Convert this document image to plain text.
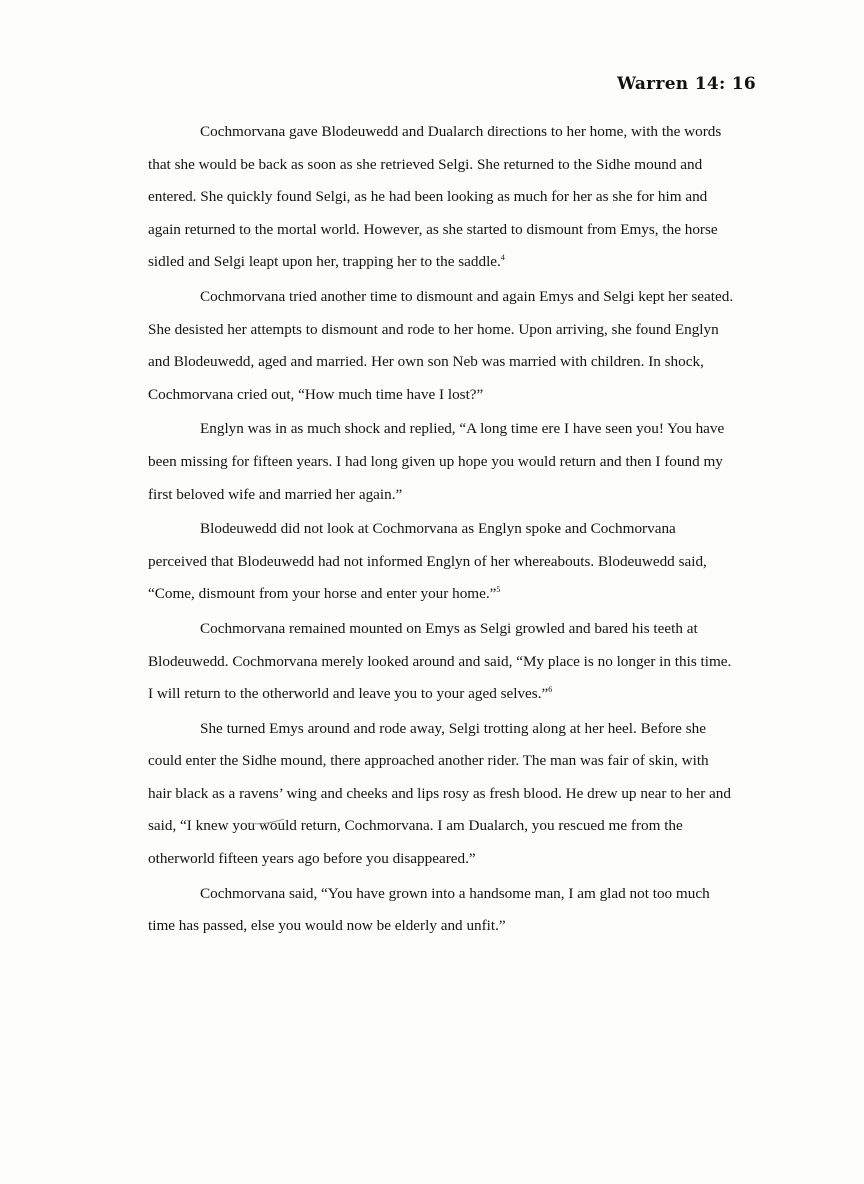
Warren 14: 16

Cochmorvana gave Blodeuwedd and Dualarch directions to her home, with the words that she would be back as soon as she retrieved Selgi. She returned to the Sidhe mound and entered. She quickly found Selgi, as he had been looking as much for her as she for him and again returned to the mortal world. However, as she started to dismount from Emys, the horse sidled and Selgi leapt upon her, trapping her to the saddle.$^4$

Cochmorvana tried another time to dismount and again Emys and Selgi kept her seated. She desisted her attempts to dismount and rode to her home. Upon arriving, she found Englyn and Blodeuwedd, aged and married. Her own son Neb was married with children. In shock, Cochmorvana cried out, “How much time have I lost?”

Englyn was in as much shock and replied, “A long time ere I have seen you! You have been missing for fifteen years. I had long given up hope you would return and then I found my first beloved wife and married her again.”

Blodeuwedd did not look at Cochmorvana as Englyn spoke and Cochmorvana perceived that Blodeuwedd had not informed Englyn of her whereabouts. Blodeuwedd said, “Come, dismount from your horse and enter your home.”$^5$

Cochmorvana remained mounted on Emys as Selgi growled and bared his teeth at Blodeuwedd. Cochmorvana merely looked around and said, “My place is no longer in this time. I will return to the otherworld and leave you to your aged selves.”$^6$

She turned Emys around and rode away, Selgi trotting along at her heel. Before she could enter the Sidhe mound, there approached another rider. The man was fair of skin, with hair black as a ravens’ wing and cheeks and lips rosy as fresh blood. He drew up near to her and said, “I knew you would return, Cochmorvana. I am Dualarch, you rescued me from the otherworld fifteen years ago before you disappeared.”

Cochmorvana said, “You have grown into a handsome man, I am glad not too much time has passed, else you would now be elderly and unfit.”
